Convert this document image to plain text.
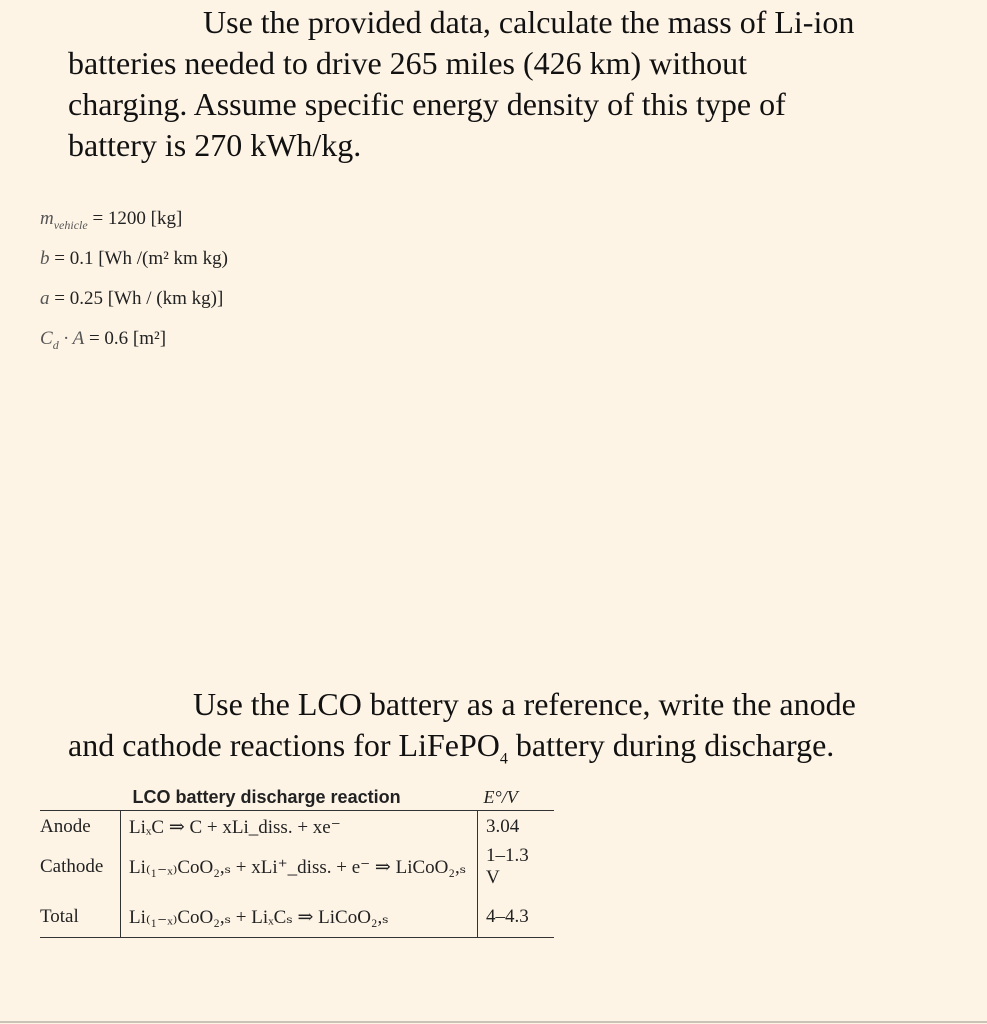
Use the provided data, calculate the mass of Li-ion
batteries needed to drive 265 miles (426 km) without
charging. Assume specific energy density of this type of
battery is 270 kWh/kg.
$m_{vehicle} = 1200$ [kg]
b = 0.1 [Wh /(m² km kg)
a = 0.25 [Wh / (km kg)]
$C_d \cdot A = 0.6$ [m²]
Use the LCO battery as a reference, write the anode
and cathode reactions for LiFePO$_4$ battery during discharge.
	LCO battery discharge reaction	E°/V
Anode	LiₓC ⇒ C + xLi_diss. + xe⁻	3.04
Cathode	Li₍₁₋ₓ₎CoO₂,ₛ + xLi⁺_diss. + e⁻ ⇒ LiCoO₂,ₛ	1–1.3 V
Total	Li₍₁₋ₓ₎CoO₂,ₛ + LiₓCₛ ⇒ LiCoO₂,ₛ	4–4.3
